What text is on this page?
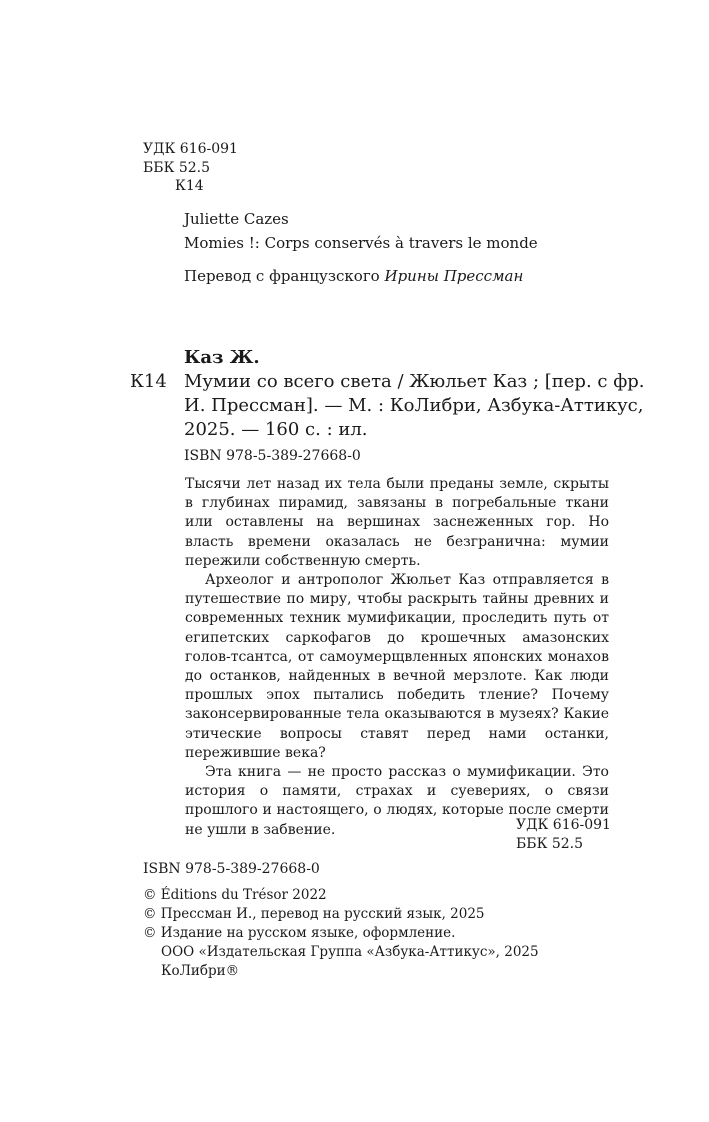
УДК 616-091
ББК 52.5
К14
Juliette Cazes
Momies !: Corps conservés à travers le monde
Перевод с французского Ирины Прессман
Каз Ж.
К14 Мумии со всего света / Жюльет Каз ; [пер. с фр.
И. Прессман]. — М. : КоЛибри, Азбука-Аттикус,
2025. — 160 с. : ил.
ISBN 978-5-389-27668-0

Тысячи лет назад их тела были преданы земле, скрыты в глубинах пирамид, завязаны в погребальные ткани или оставлены на вершинах заснеженных гор. Но власть времени оказалась не безгранична: мумии пережили собственную смерть.

Археолог и антрополог Жюльет Каз отправляется в путешествие по миру, чтобы раскрыть тайны древних и современных техник мумификации, проследить путь от египетских саркофагов до крошечных амазонских голов-тсантса, от самоумерщвленных японских монахов до останков, найденных в вечной мерзлоте. Как люди прошлых эпох пытались победить тление? Почему законсервированные тела оказываются в музеях? Какие этические вопросы ставят перед нами останки, пережившие века?

Эта книга — не просто рассказ о мумификации. Это история о памяти, страхах и суевериях, о связи прошлого и настоящего, о людях, которые после смерти не ушли в забвение.	УДК 616-091
ББК 52.5
ISBN 978-5-389-27668-0
© Éditions du Trésor 2022
© Прессман И., перевод на русский язык, 2025
© Издание на русском языке, оформление.
ООО «Издательская Группа «Азбука-Аттикус», 2025
КоЛибри®
